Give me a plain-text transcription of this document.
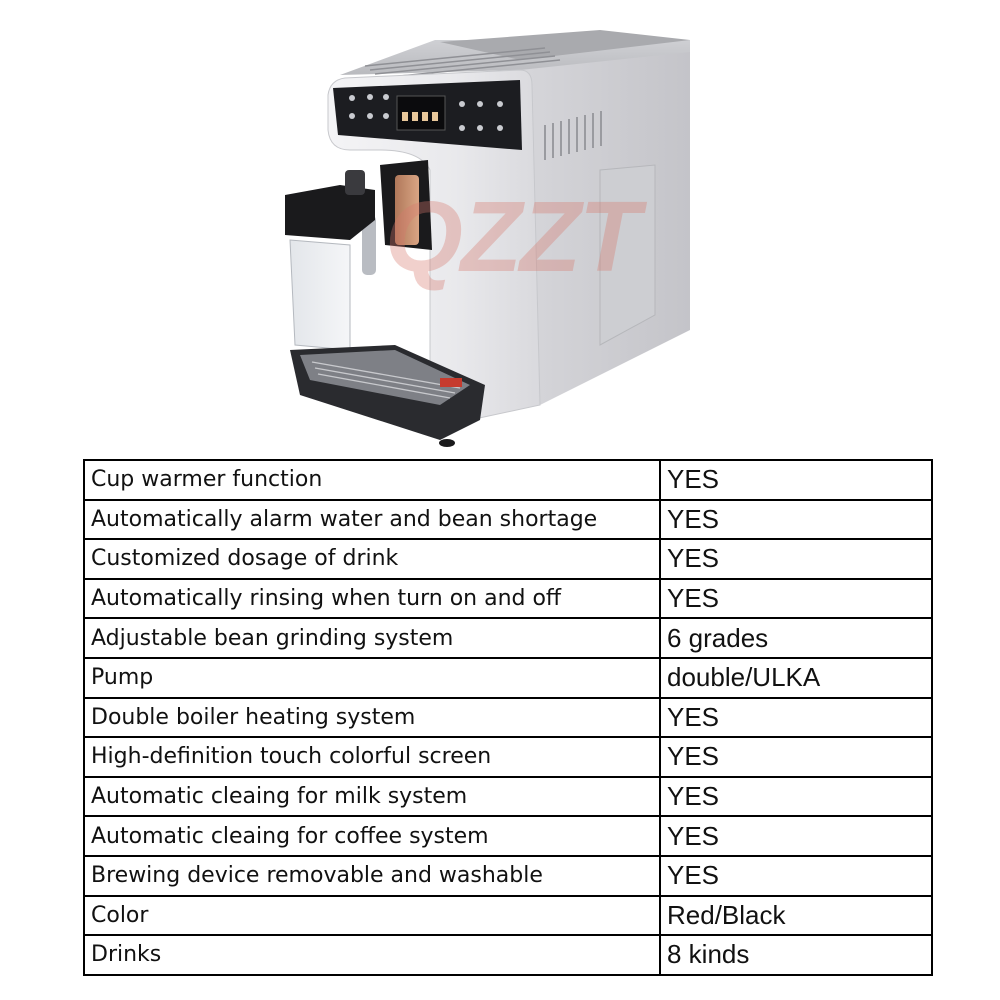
QZZT
Cup warmer function	YES
Automatically alarm water and bean shortage	YES
Customized dosage of drink	YES
Automatically rinsing when turn on and off	YES
Adjustable bean grinding system	6 grades
Pump	double/ULKA
Double boiler heating system	YES
High-definition touch colorful screen	YES
Automatic cleaing for milk system	YES
Automatic cleaing for coffee system	YES
Brewing device removable and washable	YES
Color	Red/Black
Drinks	8 kinds
